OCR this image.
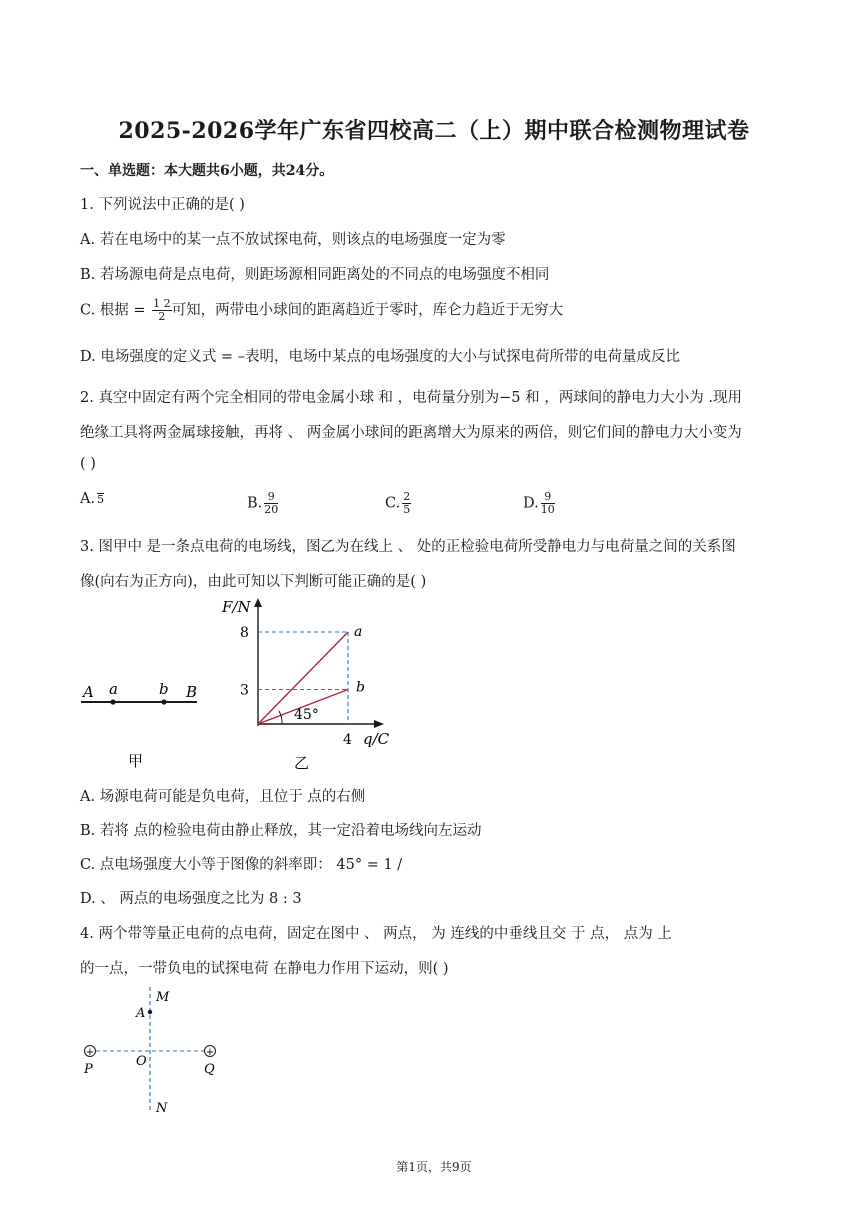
2025-2026学年广东省四校高二（上）期中联合检测物理试卷
一、单选题：本大题共6小题，共24分。
1. 下列说法中正确的是( )
A. 若在电场中的某一点不放试探电荷，则该点的电场强度一定为零
B. 若场源电荷是点电荷，则距场源相同距离处的不同点的电场强度不相同
C. 根据 = $\frac{1 2}{2}$ 可知，两带电小球间的距离趋近于零时，库仑力趋近于无穷大
D. 电场强度的定义式 = –表明，电场中某点的电场强度的大小与试探电荷所带的电荷量成反比
2. 真空中固定有两个完全相同的带电金属小球 和 ，电荷量分别为−5 和 ，两球间的静电力大小为 .现用
绝缘工具将两金属球接触，再将 、 两金属小球间的距离增大为原来的两倍，则它们间的静电力大小变为
( )
A. 5	B. $\frac{9}{20}$	C. $\frac{2}{5}$	D. $\frac{9}{10}$
3. 图甲中 是一条点电荷的电场线，图乙为在线上 、 处的正检验电荷所受静电力与电荷量之间的关系图
像(向右为正方向)，由此可知以下判断可能正确的是( )
A a	b B
甲
F/N
45°
8
3
4 q/C
a
b
乙
A. 场源电荷可能是负电荷，且位于 点的右侧
B. 若将 点的检验电荷由静止释放，其一定沿着电场线向左运动
C. 点电场强度大小等于图像的斜率即： 45° = 1 /
D. 、 两点的电场强度之比为 8 : 3
4. 两个带等量正电荷的点电荷，固定在图中 、 两点， 为 连线的中垂线且交 于 点， 点为 上
的一点，一带负电的试探电荷 在静电力作用下运动，则( )
M
A
+	+
O
P	Q
N
第1页，共9页
